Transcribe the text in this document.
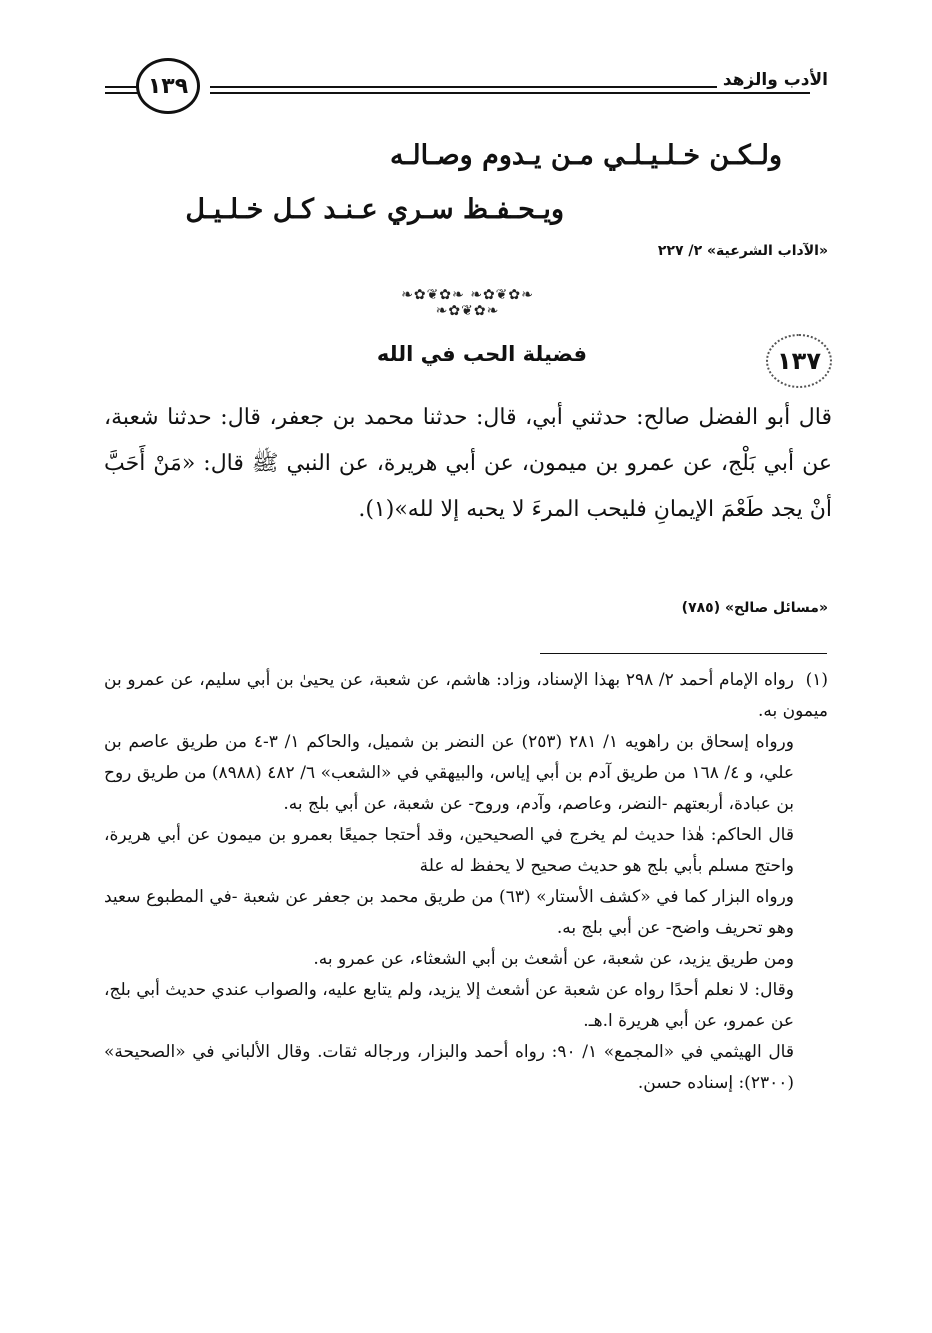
١٣٩	الأدب والزهد
ولـكـن خـلـيـلـي مـن يـدوم وصـالـه
ويـحـفـظ سـري عـنـد كـل خـلـيـل
«الآداب الشرعية» ٢/ ٢٢٧
❧✿❦✿❧ ❧✿❦✿❧ ❧✿❦✿❧
١٣٧
فضيلة الحب في الله

قال أبو الفضل صالح: حدثني أبي، قال: حدثنا محمد بن جعفر، قال: حدثنا شعبة، عن أبي بَلْج، عن عمرو بن ميمون، عن أبي هريرة، عن النبي ﷺ قال: «مَنْ أَحَبَّ أنْ يجد طَعْمَ الإيمانِ فليحب المرءَ لا يحبه إلا لله»(١).

«مسائل صالح» (٧٨٥)

(١)رواه الإمام أحمد ٢/ ٢٩٨ بهذا الإسناد، وزاد: هاشم، عن شعبة، عن يحيىٰ بن أبي سليم، عن عمرو بن ميمون به.

ورواه إسحاق بن راهويه ١/ ٢٨١ (٢٥٣) عن النضر بن شميل، والحاكم ١/ ٣-٤ من طريق عاصم بن علي، و ٤/ ١٦٨ من طريق آدم بن أبي إياس، والبيهقي في «الشعب» ٦/ ٤٨٢ (٨٩٨٨) من طريق روح بن عبادة، أربعتهم -النضر، وعاصم، وآدم، وروح- عن شعبة، عن أبي بلج به.

قال الحاكم: هٰذا حديث لم يخرج في الصحيحين، وقد أحتجا جميعًا بعمرو بن ميمون عن أبي هريرة، واحتج مسلم بأبي بلج هو حديث صحيح لا يحفظ له علة

ورواه البزار كما في «كشف الأستار» (٦٣) من طريق محمد بن جعفر عن شعبة -في المطبوع سعيد وهو تحريف واضح- عن أبي بلج به.

ومن طريق يزيد، عن شعبة، عن أشعث بن أبي الشعثاء، عن عمرو به.

وقال: لا نعلم أحدًا رواه عن شعبة عن أشعث إلا يزيد، ولم يتابع عليه، والصواب عندي حديث أبي بلج، عن عمرو، عن أبي هريرة ا.هـ.

قال الهيثمي في «المجمع» ١/ ٩٠: رواه أحمد والبزار، ورجاله ثقات. وقال الألباني في «الصحيحة» (٢٣٠٠): إسناده حسن.
